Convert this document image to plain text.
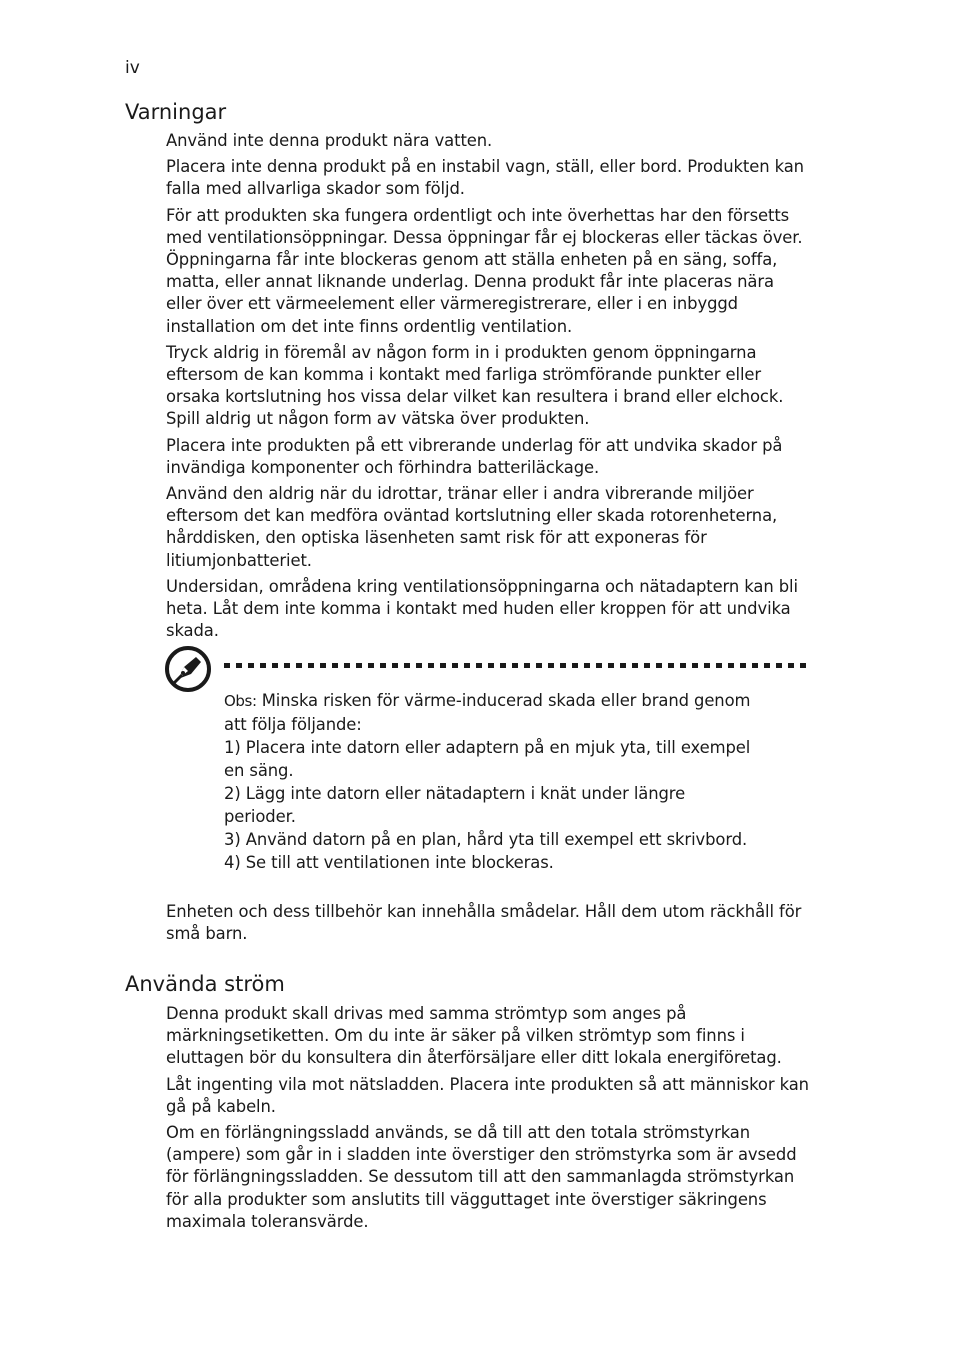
iv
Varningar

Använd inte denna produkt nära vatten.

Placera inte denna produkt på en instabil vagn, ställ, eller bord. Produkten kan falla med allvarliga skador som följd.

För att produkten ska fungera ordentligt och inte överhettas har den försetts med ventilationsöppningar. Dessa öppningar får ej blockeras eller täckas över. Öppningarna får inte blockeras genom att ställa enheten på en säng, soffa, matta, eller annat liknande underlag. Denna produkt får inte placeras nära eller över ett värmeelement eller värmeregistrerare, eller i en inbyggd installation om det inte finns ordentlig ventilation.

Tryck aldrig in föremål av någon form in i produkten genom öppningarna eftersom de kan komma i kontakt med farliga strömförande punkter eller orsaka kortslutning hos vissa delar vilket kan resultera i brand eller elchock. Spill aldrig ut någon form av vätska över produkten.

Placera inte produkten på ett vibrerande underlag för att undvika skador på invändiga komponenter och förhindra batteriläckage.

Använd den aldrig när du idrottar, tränar eller i andra vibrerande miljöer eftersom det kan medföra oväntad kortslutning eller skada rotorenheterna, hårddisken, den optiska läsenheten samt risk för att exponeras för litiumjonbatteriet.

Undersidan, områdena kring ventilationsöppningarna och nätadaptern kan bli heta. Låt dem inte komma i kontakt med huden eller kroppen för att undvika skada.

Obs: Minska risken för värme-inducerad skada eller brand genom

att följa följande:

1) Placera inte datorn eller adaptern på en mjuk yta, till exempel

en säng.

2) Lägg inte datorn eller nätadaptern i knät under längre

perioder.

3) Använd datorn på en plan, hård yta till exempel ett skrivbord.

4) Se till att ventilationen inte blockeras.

Enheten och dess tillbehör kan innehålla smådelar. Håll dem utom räckhåll för små barn.

Använda ström

Denna produkt skall drivas med samma strömtyp som anges på märkningsetiketten. Om du inte är säker på vilken strömtyp som finns i eluttagen bör du konsultera din återförsäljare eller ditt lokala energiföretag.

Låt ingenting vila mot nätsladden. Placera inte produkten så att människor kan gå på kabeln.

Om en förlängningssladd används, se då till att den totala strömstyrkan (ampere) som går in i sladden inte överstiger den strömstyrka som är avsedd för förlängningssladden. Se dessutom till att den sammanlagda strömstyrkan för alla produkter som anslutits till vägguttaget inte överstiger säkringens maximala toleransvärde.
